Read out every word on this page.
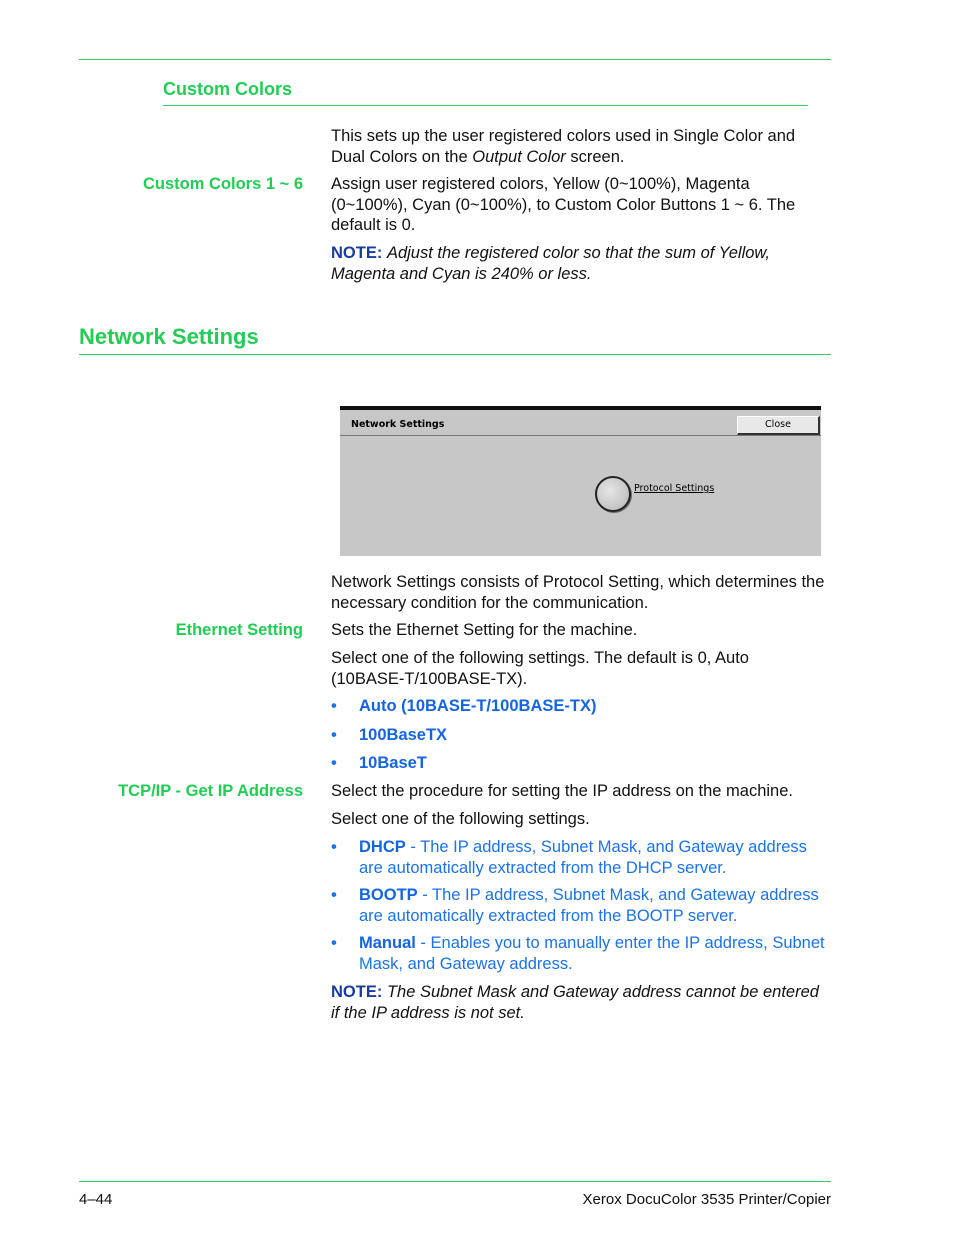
Custom Colors
This sets up the user registered colors used in Single Color and Dual Colors on the Output Color screen.
Custom Colors 1 ~ 6 Assign user registered colors, Yellow (0~100%), Magenta (0~100%), Cyan (0~100%), to Custom Color Buttons 1 ~ 6. The default is 0.
NOTE: Adjust the registered color so that the sum of Yellow, Magenta and Cyan is 240% or less.
Network Settings
Network Settings	Close
Protocol Settings
Network Settings consists of Protocol Setting, which determines the necessary condition for the communication.
Ethernet Setting Sets the Ethernet Setting for the machine.
Select one of the following settings. The default is 0, Auto (10BASE-T/100BASE-TX).
• Auto (10BASE-T/100BASE-TX)
• 100BaseTX
• 10BaseT
TCP/IP - Get IP Address Select the procedure for setting the IP address on the machine.
Select one of the following settings.
• DHCP - The IP address, Subnet Mask, and Gateway address are automatically extracted from the DHCP server.
• BOOTP - The IP address, Subnet Mask, and Gateway address are automatically extracted from the BOOTP server.
• Manual - Enables you to manually enter the IP address, Subnet Mask, and Gateway address.
NOTE: The Subnet Mask and Gateway address cannot be entered if the IP address is not set.
4–44	Xerox DocuColor 3535 Printer/Copier
